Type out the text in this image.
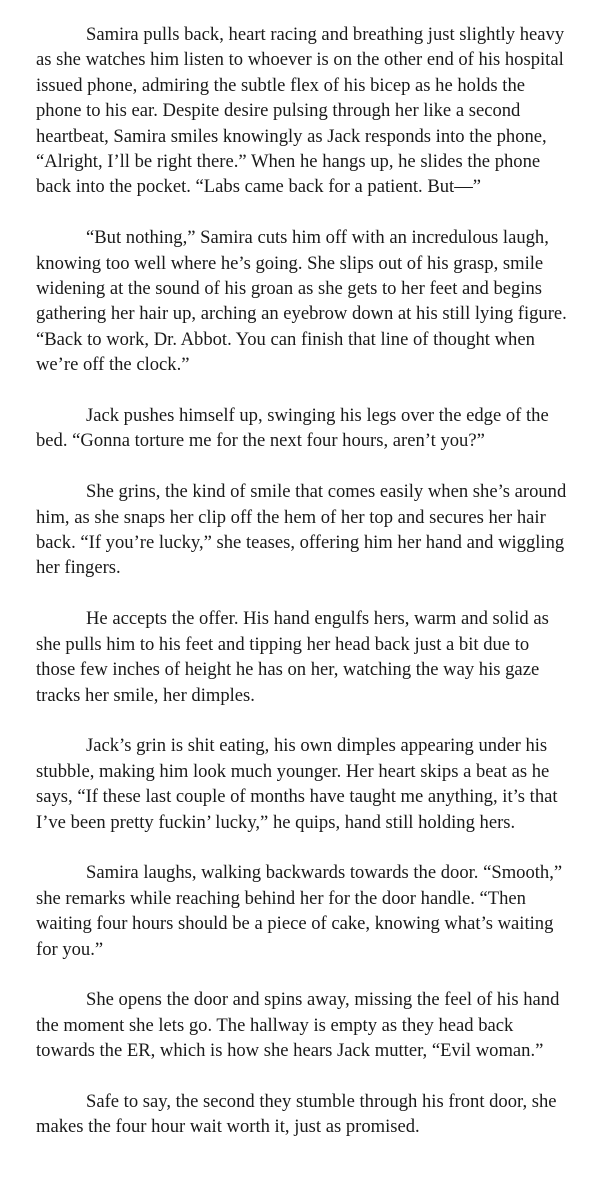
Samira pulls back, heart racing and breathing just slightly heavy as she watches him listen to whoever is on the other end of his hospital issued phone, admiring the subtle flex of his bicep as he holds the phone to his ear. Despite desire pulsing through her like a second heartbeat, Samira smiles knowingly as Jack responds into the phone, “Alright, I’ll be right there.” When he hangs up, he slides the phone back into the pocket. “Labs came back for a patient. But—”

“But nothing,” Samira cuts him off with an incredulous laugh, knowing too well where he’s going. She slips out of his grasp, smile widening at the sound of his groan as she gets to her feet and begins gathering her hair up, arching an eyebrow down at his still lying figure. “Back to work, Dr. Abbot. You can finish that line of thought when we’re off the clock.”

Jack pushes himself up, swinging his legs over the edge of the bed. “Gonna torture me for the next four hours, aren’t you?”

She grins, the kind of smile that comes easily when she’s around him, as she snaps her clip off the hem of her top and secures her hair back. “If you’re lucky,” she teases, offering him her hand and wiggling her fingers.

He accepts the offer. His hand engulfs hers, warm and solid as she pulls him to his feet and tipping her head back just a bit due to those few inches of height he has on her, watching the way his gaze tracks her smile, her dimples.

Jack’s grin is shit eating, his own dimples appearing under his stubble, making him look much younger. Her heart skips a beat as he says, “If these last couple of months have taught me anything, it’s that I’ve been pretty fuckin’ lucky,” he quips, hand still holding hers.

Samira laughs, walking backwards towards the door. “Smooth,” she remarks while reaching behind her for the door handle. “Then waiting four hours should be a piece of cake, knowing what’s waiting for you.”

She opens the door and spins away, missing the feel of his hand the moment she lets go. The hallway is empty as they head back towards the ER, which is how she hears Jack mutter, “Evil woman.”

Safe to say, the second they stumble through his front door, she makes the four hour wait worth it, just as promised.
